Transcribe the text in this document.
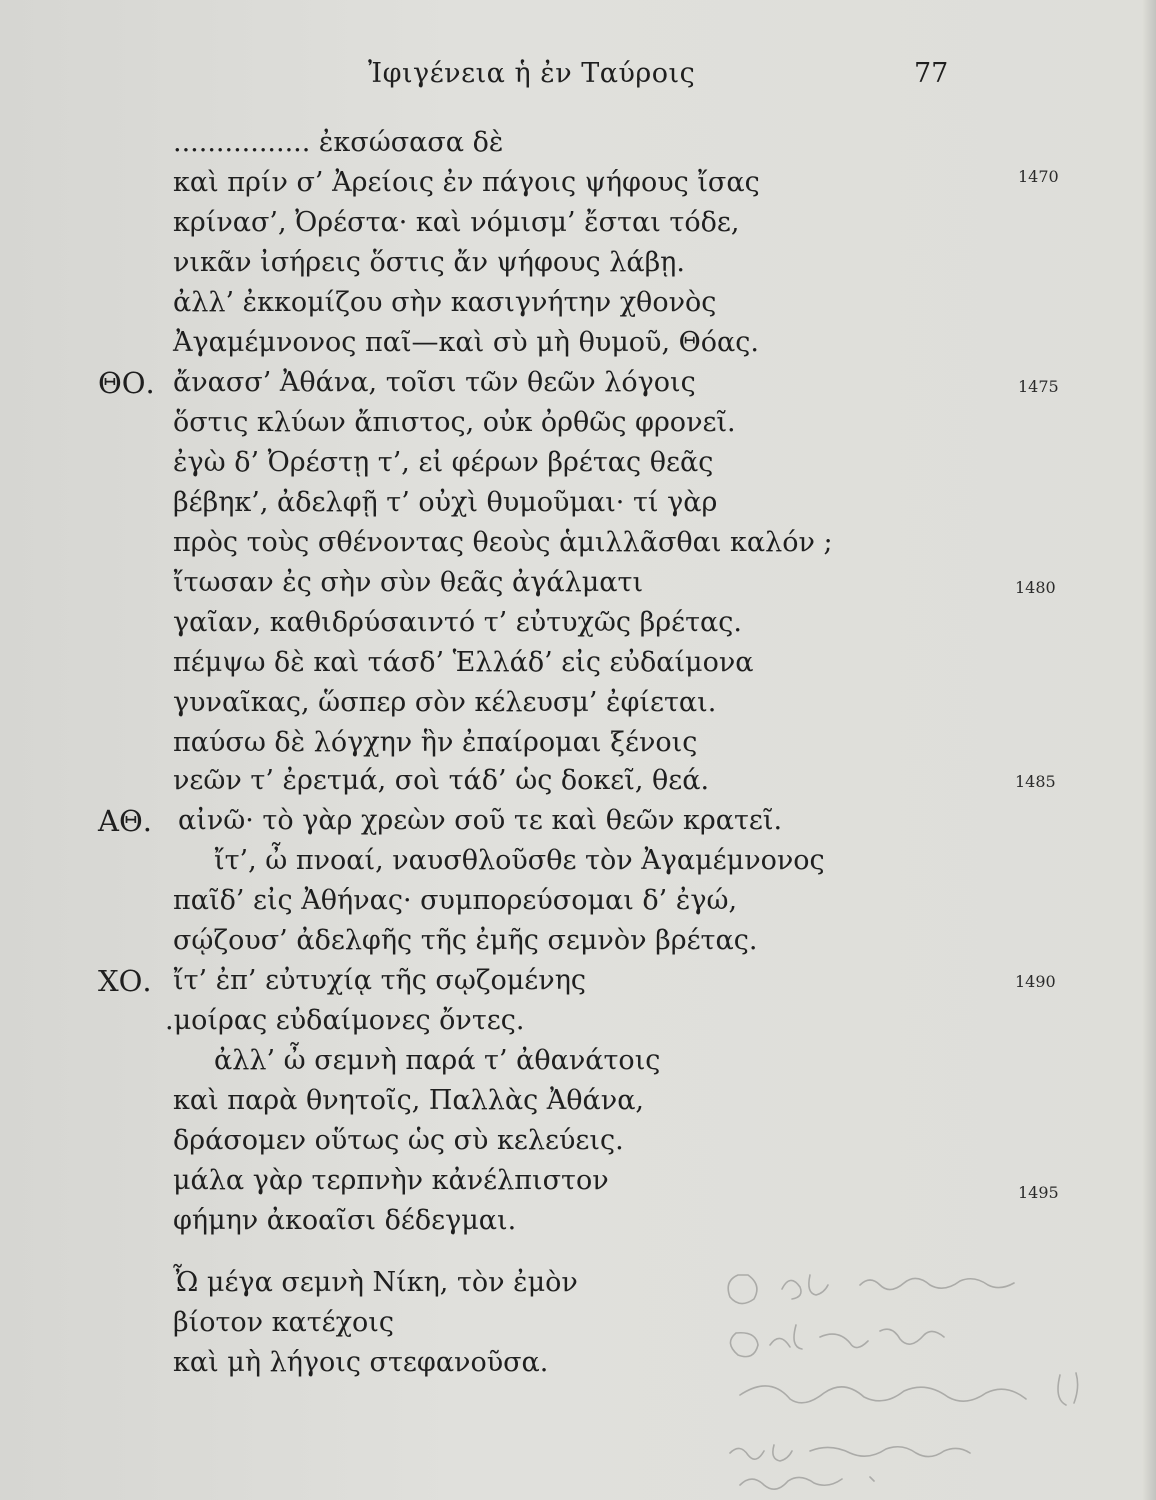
Ἰφιγένεια ἡ ἐν Ταύροις	77
ΘΟ.
ΑΘ.
ΧΟ.
................ ἐκσώσασα δὲ
καὶ πρίν σ’ Ἀρείοις ἐν πάγοις ψήφους ἴσας
κρίνασ’, Ὀρέστα· καὶ νόμισμ’ ἔσται τόδε,
νικᾶν ἰσήρεις ὅστις ἄν ψήφους λάβῃ.
ἀλλ’ ἐκκομίζου σὴν κασιγνήτην χθονὸς
Ἀγαμέμνονος παῖ—καὶ σὺ μὴ θυμοῦ, Θόας.
ἄνασσ’ Ἀθάνα, τοῖσι τῶν θεῶν λόγοις
ὅστις κλύων ἄπιστος, οὐκ ὀρθῶς φρονεῖ.
ἐγὼ δ’ Ὀρέστῃ τ’, εἰ φέρων βρέτας θεᾶς
βέβηκ’, ἀδελφῇ τ’ οὐχὶ θυμοῦμαι· τί γὰρ
πρὸς τοὺς σθένοντας θεοὺς ἁμιλλᾶσθαι καλόν ;
ἴτωσαν ἐς σὴν σὺν θεᾶς ἀγάλματι
γαῖαν, καθιδρύσαιντό τ’ εὐτυχῶς βρέτας.
πέμψω δὲ καὶ τάσδ’ Ἑλλάδ’ εἰς εὐδαίμονα
γυναῖκας, ὥσπερ σὸν κέλευσμ’ ἐφίεται.
παύσω δὲ λόγχην ἣν ἐπαίρομαι ξένοις
νεῶν τ’ ἐρετμά, σοὶ τάδ’ ὡς δοκεῖ, θεά.
αἰνῶ· τὸ γὰρ χρεὼν σοῦ τε καὶ θεῶν κρατεῖ.
ἴτ’, ὦ πνοαί, ναυσθλοῦσθε τὸν Ἀγαμέμνονος
παῖδ’ εἰς Ἀθήνας· συμπορεύσομαι δ’ ἐγώ,
σῴζουσ’ ἀδελφῆς τῆς ἐμῆς σεμνὸν βρέτας.
ἴτ’ ἐπ’ εὐτυχίᾳ τῆς σῳζομένης
.μοίρας εὐδαίμονες ὄντες.
ἀλλ’ ὦ σεμνὴ παρά τ’ ἀθανάτοις
καὶ παρὰ θνητοῖς, Παλλὰς Ἀθάνα,
δράσομεν οὕτως ὡς σὺ κελεύεις.
μάλα γὰρ τερπνὴν κἀνέλπιστον
φήμην ἀκοαῖσι δέδεγμαι.
Ὦ μέγα σεμνὴ Νίκη, τὸν ἐμὸν
βίοτον κατέχοις
καὶ μὴ λήγοις στεφανοῦσα.
1470
1475
1480
1485
1490
1495
